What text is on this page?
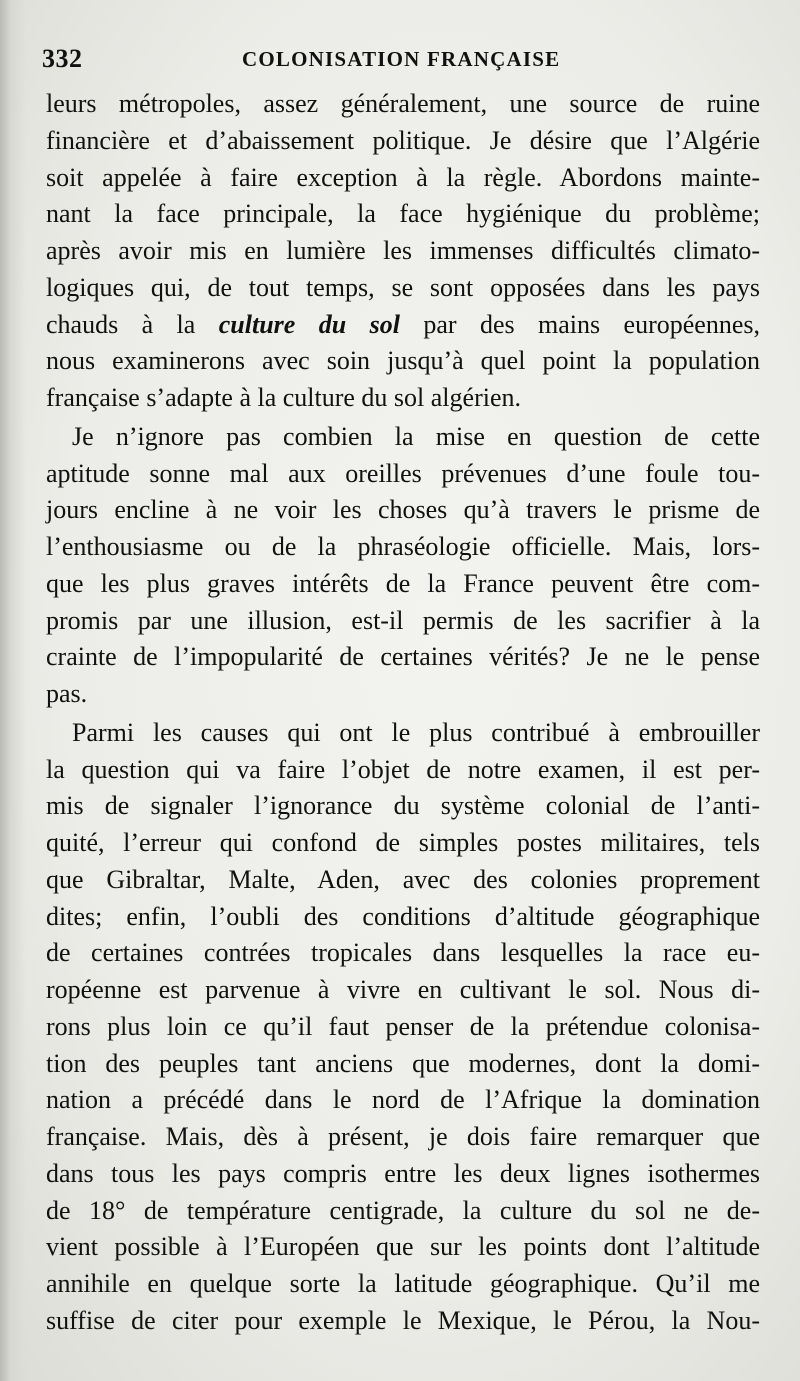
332	COLONISATION FRANÇAISE
leurs métropoles, assez généralement, une source de ruine
financière et d’abaissement politique. Je désire que l’Algérie
soit appelée à faire exception à la règle. Abordons mainte-
nant la face principale, la face hygiénique du problème;
après avoir mis en lumière les immenses difficultés climato-
logiques qui, de tout temps, se sont opposées dans les pays
chauds à la culture du sol par des mains européennes,
nous examinerons avec soin jusqu’à quel point la population
française s’adapte à la culture du sol algérien.
Je n’ignore pas combien la mise en question de cette
aptitude sonne mal aux oreilles prévenues d’une foule tou-
jours encline à ne voir les choses qu’à travers le prisme de
l’enthousiasme ou de la phraséologie officielle. Mais, lors-
que les plus graves intérêts de la France peuvent être com-
promis par une illusion, est-il permis de les sacrifier à la
crainte de l’impopularité de certaines vérités? Je ne le pense
pas.
Parmi les causes qui ont le plus contribué à embrouiller
la question qui va faire l’objet de notre examen, il est per-
mis de signaler l’ignorance du système colonial de l’anti-
quité, l’erreur qui confond de simples postes militaires, tels
que Gibraltar, Malte, Aden, avec des colonies proprement
dites; enfin, l’oubli des conditions d’altitude géographique
de certaines contrées tropicales dans lesquelles la race eu-
ropéenne est parvenue à vivre en cultivant le sol. Nous di-
rons plus loin ce qu’il faut penser de la prétendue colonisa-
tion des peuples tant anciens que modernes, dont la domi-
nation a précédé dans le nord de l’Afrique la domination
française. Mais, dès à présent, je dois faire remarquer que
dans tous les pays compris entre les deux lignes isothermes
de 18° de température centigrade, la culture du sol ne de-
vient possible à l’Européen que sur les points dont l’altitude
annihile en quelque sorte la latitude géographique. Qu’il me
suffise de citer pour exemple le Mexique, le Pérou, la Nou-
